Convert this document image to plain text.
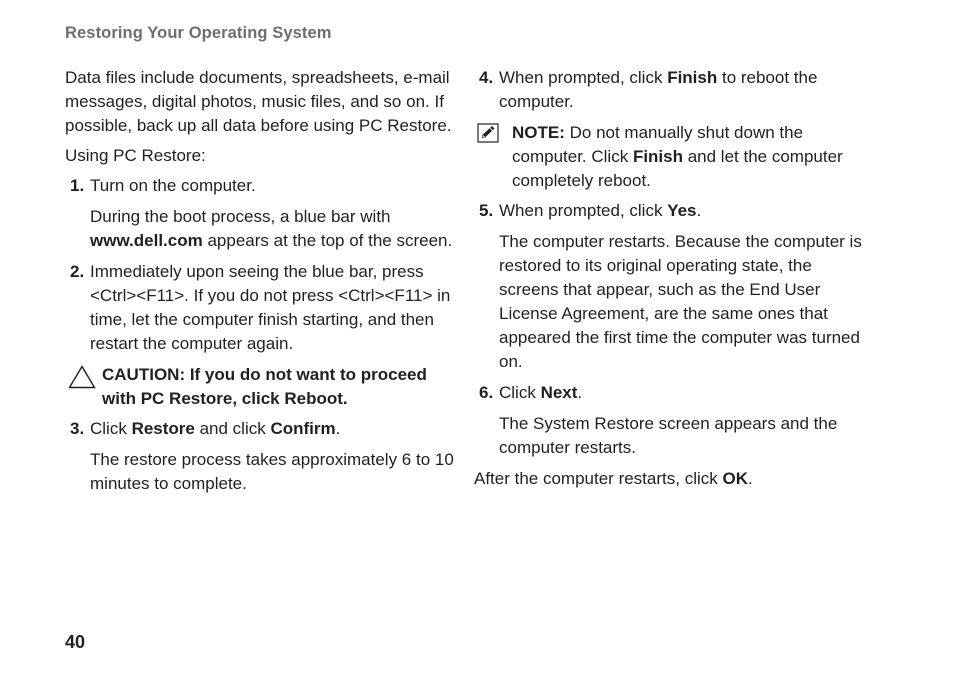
Restoring Your Operating System

Data files include documents, spreadsheets, e-mail messages, digital photos, music files, and so on. If possible, back up all data before using PC Restore.

Using PC Restore:

1. Turn on the computer.

During the boot process, a blue bar with www.dell.com appears at the top of the screen.

2. Immediately upon seeing the blue bar, press <Ctrl><F11>. If you do not press <Ctrl><F11> in time, let the computer finish starting, and then restart the computer again.
CAUTION: If you do not want to proceed with PC Restore, click Reboot.
3. Click Restore and click Confirm.

The restore process takes approximately 6 to 10 minutes to complete.

4. When prompted, click Finish to reboot the computer.
NOTE: Do not manually shut down the computer. Click Finish and let the computer completely reboot.
5. When prompted, click Yes.

The computer restarts. Because the computer is restored to its original operating state, the screens that appear, such as the End User License Agreement, are the same ones that appeared the first time the computer was turned on.

6. Click Next.

The System Restore screen appears and the computer restarts.

After the computer restarts, click OK.

40
